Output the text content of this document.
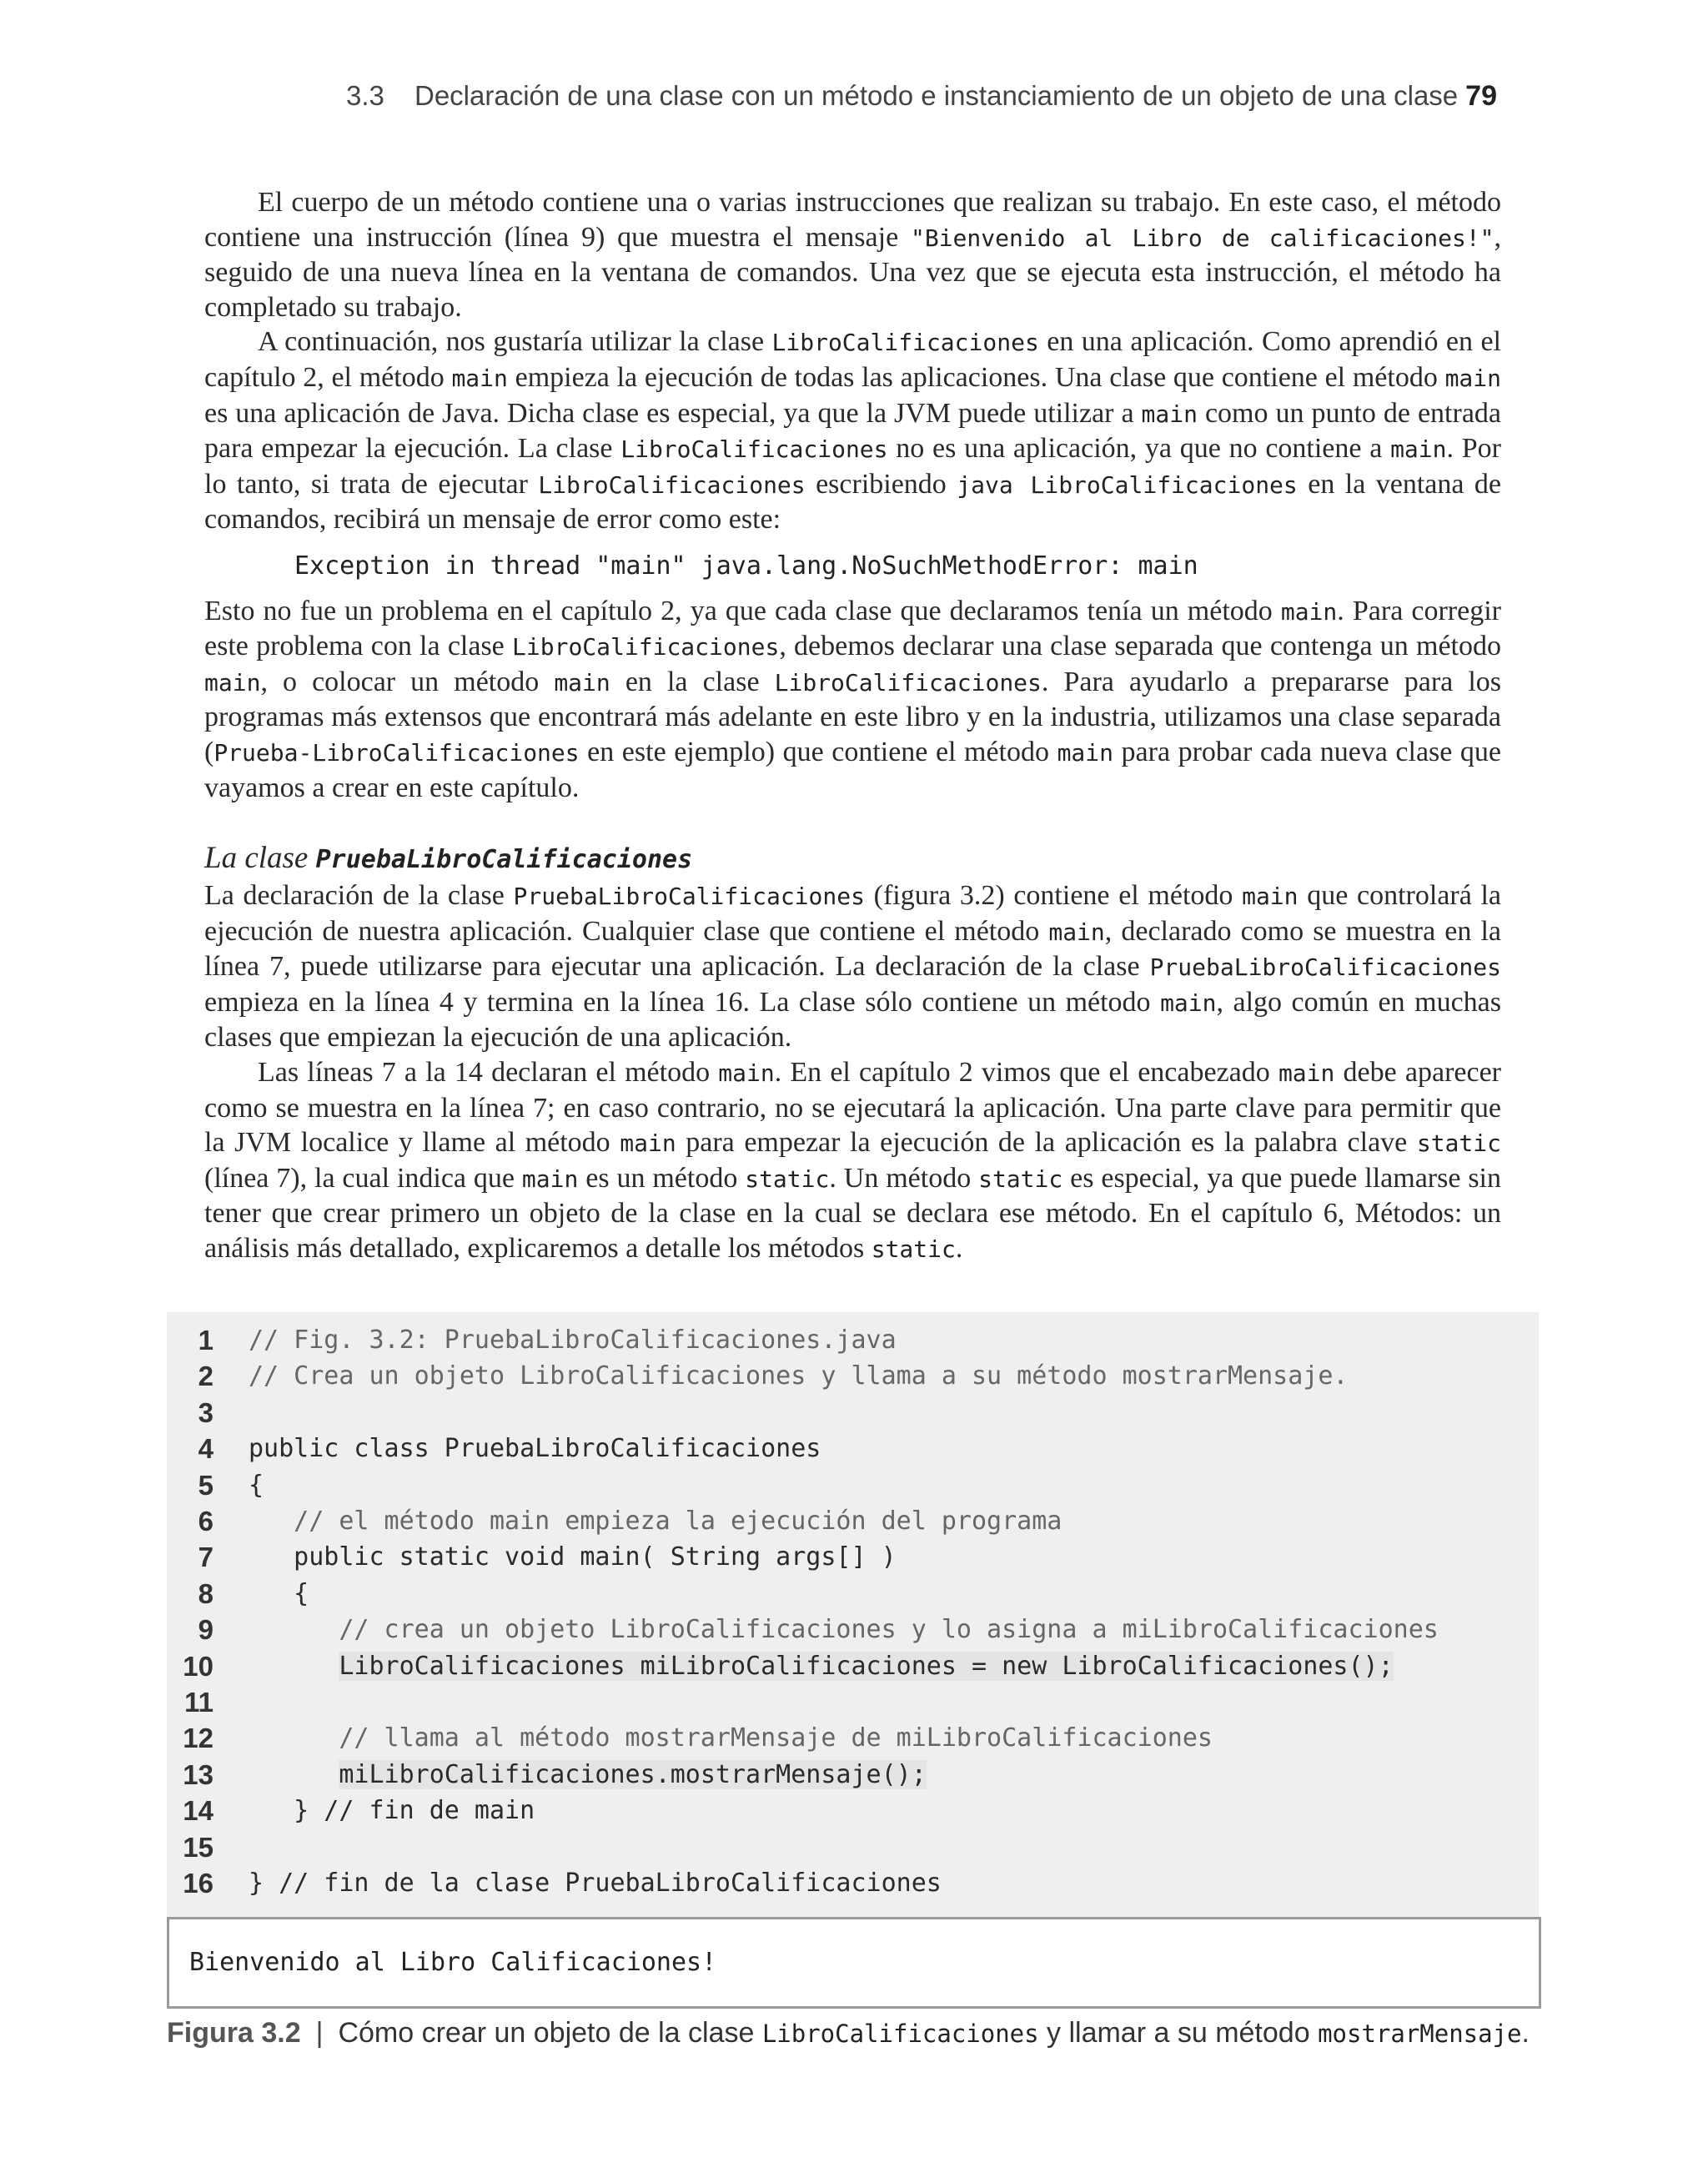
3.3 Declaración de una clase con un método e instanciamiento de un objeto de una clase 79

El cuerpo de un método contiene una o varias instrucciones que realizan su trabajo. En este caso, el método contiene una instrucción (línea 9) que muestra el mensaje "Bienvenido al Libro de calificaciones!", seguido de una nueva línea en la ventana de comandos. Una vez que se ejecuta esta instrucción, el método ha completado su trabajo.

A continuación, nos gustaría utilizar la clase LibroCalificaciones en una aplicación. Como aprendió en el capítulo 2, el método main empieza la ejecución de todas las aplicaciones. Una clase que contiene el método main es una aplicación de Java. Dicha clase es especial, ya que la JVM puede utilizar a main como un punto de entrada para empezar la ejecución. La clase LibroCalificaciones no es una aplicación, ya que no contiene a main. Por lo tanto, si trata de ejecutar LibroCalificaciones escribiendo java LibroCalificaciones en la ventana de comandos, recibirá un mensaje de error como este:

Exception in thread "main" java.lang.NoSuchMethodError: main

Esto no fue un problema en el capítulo 2, ya que cada clase que declaramos tenía un método main. Para corregir este problema con la clase LibroCalificaciones, debemos declarar una clase separada que contenga un método main, o colocar un método main en la clase LibroCalificaciones. Para ayudarlo a prepararse para los programas más extensos que encontrará más adelante en este libro y en la industria, utilizamos una clase separada (Prueba-LibroCalificaciones en este ejemplo) que contiene el método main para probar cada nueva clase que vayamos a crear en este capítulo.

La clase PruebaLibroCalificaciones

La declaración de la clase PruebaLibroCalificaciones (figura 3.2) contiene el método main que controlará la ejecución de nuestra aplicación. Cualquier clase que contiene el método main, declarado como se muestra en la línea 7, puede utilizarse para ejecutar una aplicación. La declaración de la clase PruebaLibroCalificaciones empieza en la línea 4 y termina en la línea 16. La clase sólo contiene un método main, algo común en muchas clases que empiezan la ejecución de una aplicación.

Las líneas 7 a la 14 declaran el método main. En el capítulo 2 vimos que el encabezado main debe aparecer como se muestra en la línea 7; en caso contrario, no se ejecutará la aplicación. Una parte clave para permitir que la JVM localice y llame al método main para empezar la ejecución de la aplicación es la palabra clave static (línea 7), la cual indica que main es un método static. Un método static es especial, ya que puede llamarse sin tener que crear primero un objeto de la clase en la cual se declara ese método. En el capítulo 6, Métodos: un análisis más detallado, explicaremos a detalle los métodos static.

1 // Fig. 3.2: PruebaLibroCalificaciones.java
2 // Crea un objeto LibroCalificaciones y llama a su método mostrarMensaje.
3
4 public class PruebaLibroCalificaciones
5 {
6 // el método main empieza la ejecución del programa
7 public static void main( String args[] )
8 {
9 // crea un objeto LibroCalificaciones y lo asigna a miLibroCalificaciones
10	LibroCalificaciones miLibroCalificaciones = new LibroCalificaciones();
11
12 // llama al método mostrarMensaje de miLibroCalificaciones
13	miLibroCalificaciones.mostrarMensaje();
14 } // fin de main
15
16 } // fin de la clase PruebaLibroCalificaciones
Bienvenido al Libro Calificaciones!
Figura 3.2 | Cómo crear un objeto de la clase LibroCalificaciones y llamar a su método mostrarMensaje.
